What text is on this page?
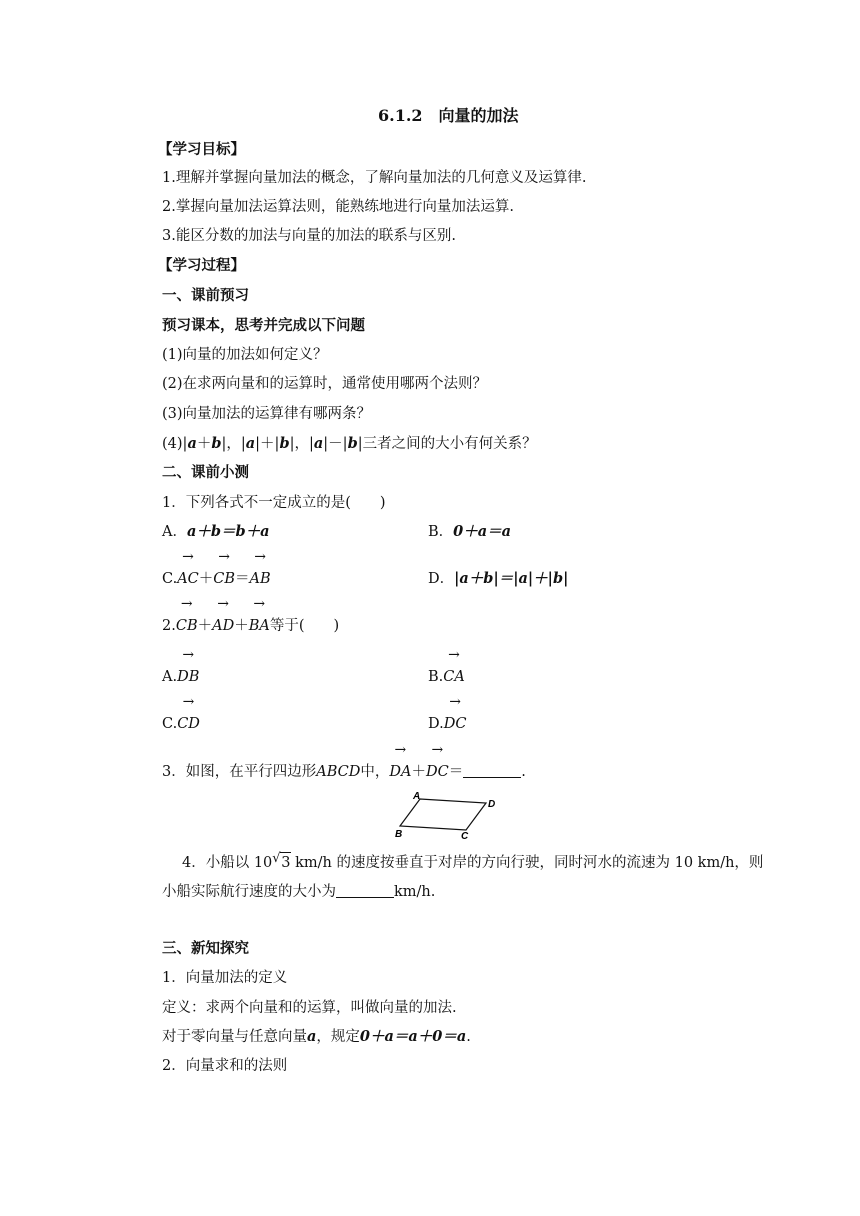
6.1.2　向量的加法
【学习目标】
1.理解并掌握向量加法的概念，了解向量加法的几何意义及运算律.
2.掌握向量加法运算法则，能熟练地进行向量加法运算.
3.能区分数的加法与向量的加法的联系与区别.
【学习过程】
一、课前预习
预习课本，思考并完成以下问题
(1)向量的加法如何定义？
(2)在求两向量和的运算时，通常使用哪两个法则？
(3)向量加法的运算律有哪两条？
(4)|a＋b|，|a|＋|b|，|a|－|b|三者之间的大小有何关系？
二、课前小测
1．下列各式不一定成立的是(　　)
A．a＋b＝b＋a	B．0＋a＝a
C.→ AC＋→ CB＝→ AB	D．|a＋b|＝|a|＋|b|
2.→ CB＋→ AD＋→ BA等于(　　)
A.→ DB	B.→ CA
C.→ CD	D.→ DC
3．如图，在平行四边形ABCD中，→ DA＋→ DC＝	.
A
D
B	C
4．小船以 10√ 3 km/h 的速度按垂直于对岸的方向行驶，同时河水的流速为 10 km/h，则
小船实际航行速度的大小为	km/h.
三、新知探究
1．向量加法的定义
定义：求两个向量和的运算，叫做向量的加法.
对于零向量与任意向量a，规定0＋a＝a＋0＝a.
2．向量求和的法则
